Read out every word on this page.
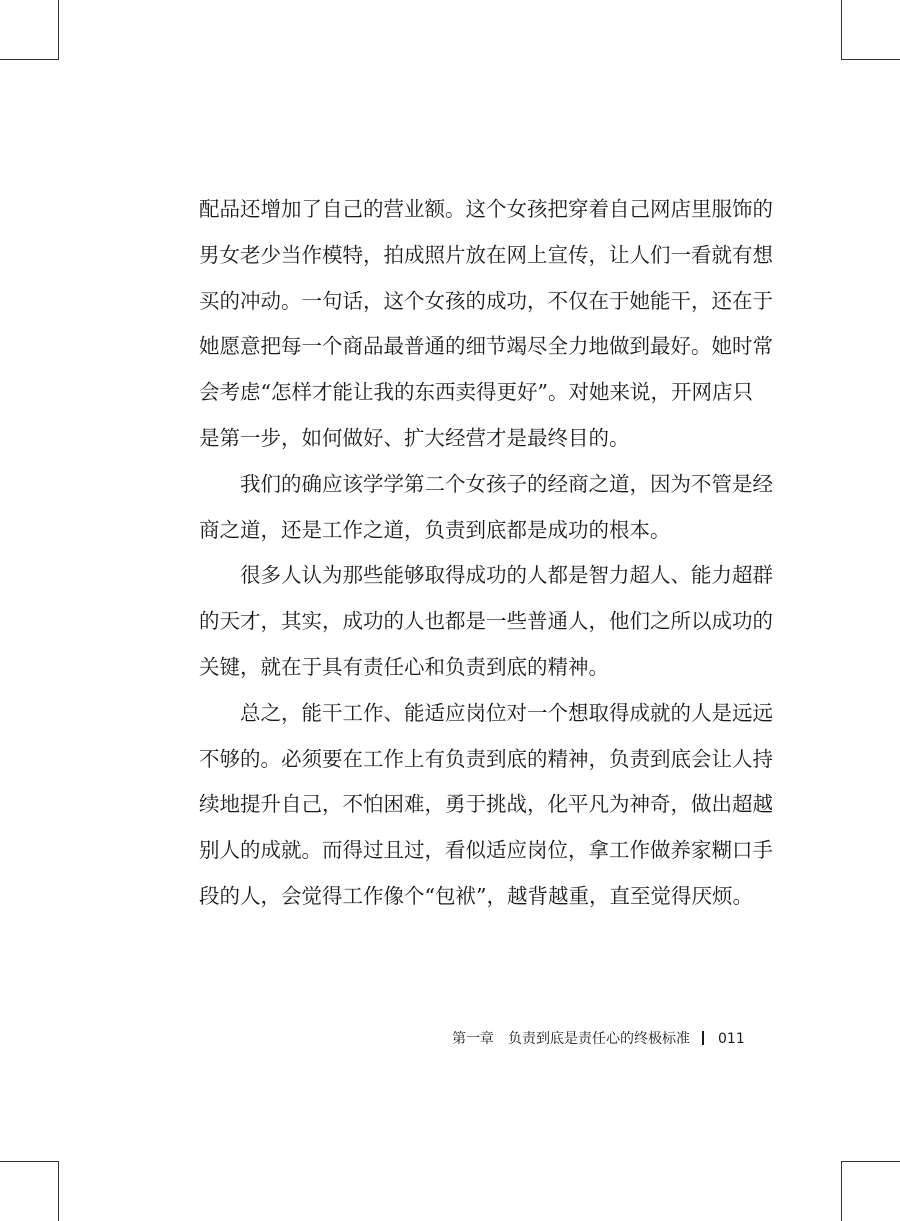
配品还增加了自己的营业额。这个女孩把穿着自己网店里服饰的
男女老少当作模特，拍成照片放在网上宣传，让人们一看就有想
买的冲动。一句话，这个女孩的成功，不仅在于她能干，还在于
她愿意把每一个商品最普通的细节竭尽全力地做到最好。她时常
会考虑“怎样才能让我的东西卖得更好”。对她来说，开网店只
是第一步，如何做好、扩大经营才是最终目的。
　　我们的确应该学学第二个女孩子的经商之道，因为不管是经
商之道，还是工作之道，负责到底都是成功的根本。
　　很多人认为那些能够取得成功的人都是智力超人、能力超群
的天才，其实，成功的人也都是一些普通人，他们之所以成功的
关键，就在于具有责任心和负责到底的精神。
　　总之，能干工作、能适应岗位对一个想取得成就的人是远远
不够的。必须要在工作上有负责到底的精神，负责到底会让人持
续地提升自己，不怕困难，勇于挑战，化平凡为神奇，做出超越
别人的成就。而得过且过，看似适应岗位，拿工作做养家糊口手
段的人，会觉得工作像个“包袱”，越背越重，直至觉得厌烦。
第一章 负责到底是责任心的终极标准 011
